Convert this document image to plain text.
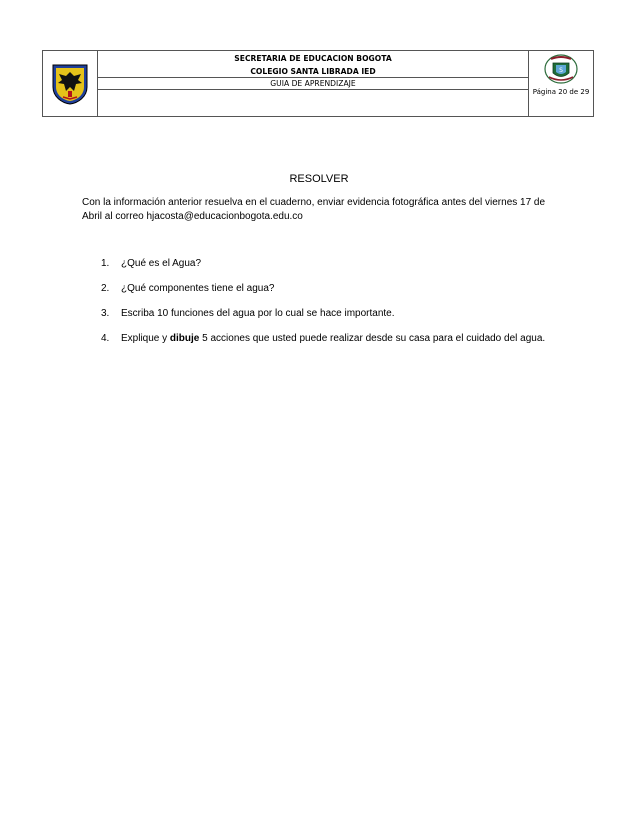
SECRETARIA DE EDUCACION BOGOTA
COLEGIO SANTA LIBRADA IED
GUIA DE APRENDIZAJE
S
Página 20 de 29
RESOLVER
Con la información anterior resuelva en el cuaderno, enviar evidencia fotográfica antes del viernes 17 de Abril al correo hjacosta@educacionbogota.edu.co
1. ¿Qué es el Agua?
2. ¿Qué componentes tiene el agua?
3. Escriba 10 funciones del agua por lo cual se hace importante.
4. Explique y dibuje 5 acciones que usted puede realizar desde su casa para el cuidado del agua.
